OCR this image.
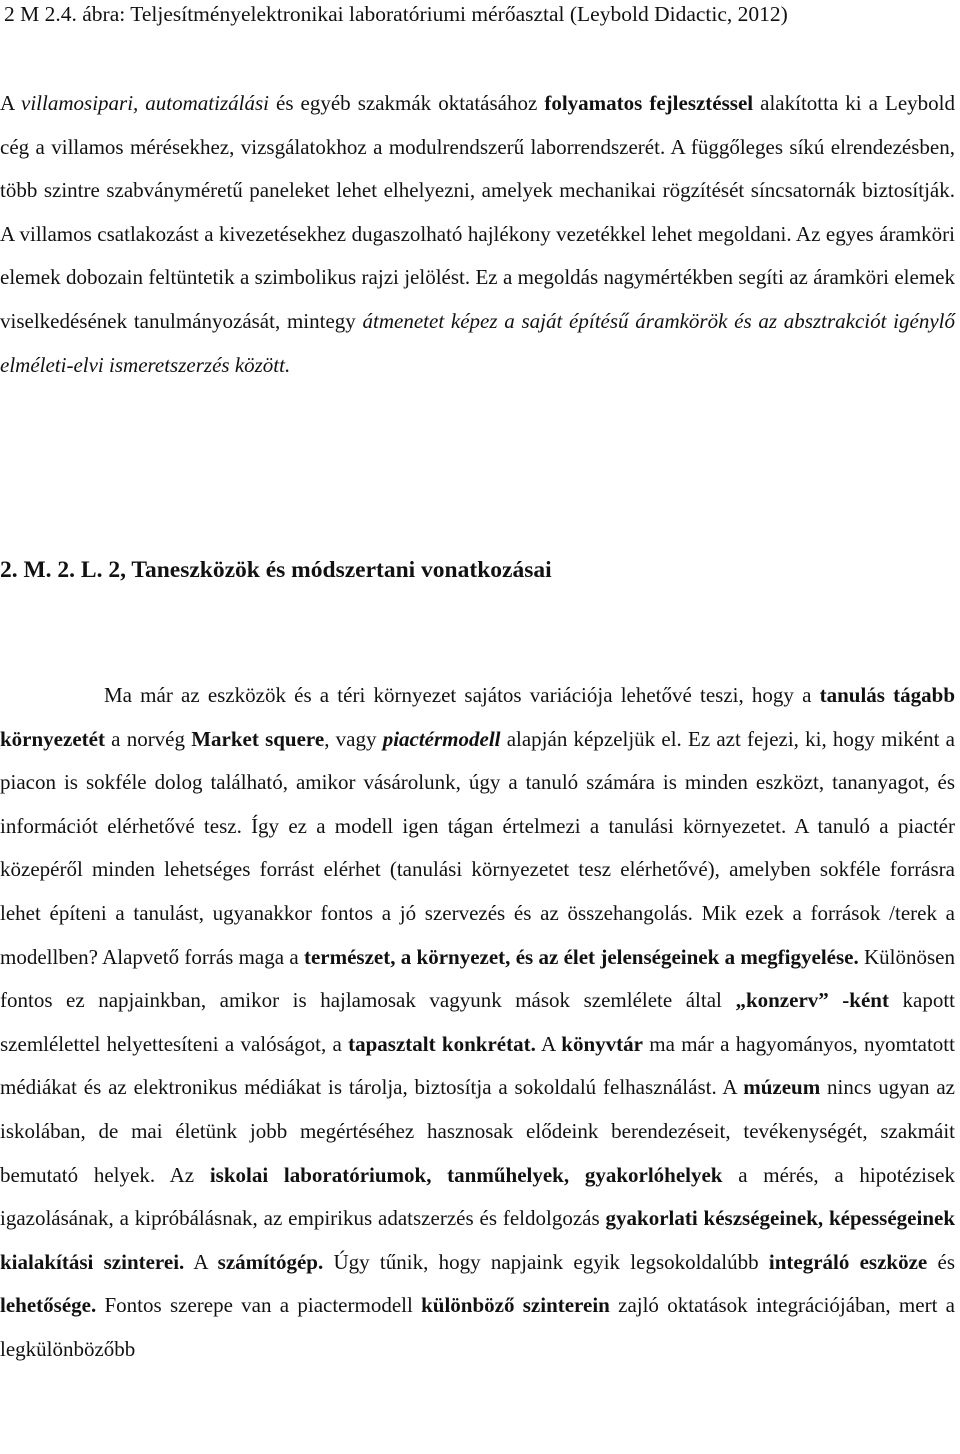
2 M 2.4. ábra: Teljesítményelektronikai laboratóriumi mérőasztal (Leybold Didactic, 2012)
A villamosipari, automatizálási és egyéb szakmák oktatásához folyamatos fejlesztéssel alakította ki a Leybold cég a villamos mérésekhez, vizsgálatokhoz a modulrendszerű laborrendszerét. A függőleges síkú elrendezésben, több szintre szabványméretű paneleket lehet elhelyezni, amelyek mechanikai rögzítését síncsatornák biztosítják. A villamos csatlakozást a kivezetésekhez dugaszolható hajlékony vezetékkel lehet megoldani. Az egyes áramköri elemek dobozain feltüntetik a szimbolikus rajzi jelölést. Ez a megoldás nagymértékben segíti az áramköri elemek viselkedésének tanulmányozását, mintegy átmenetet képez a saját építésű áramkörök és az absztrakciót igénylő elméleti-elvi ismeretszerzés között.
2. M. 2. L. 2, Taneszközök és módszertani vonatkozásai
Ma már az eszközök és a téri környezet sajátos variációja lehetővé teszi, hogy a tanulás tágabb környezetét a norvég Market squere, vagy piactérmodell alapján képzeljük el. Ez azt fejezi, ki, hogy miként a piacon is sokféle dolog található, amikor vásárolunk, úgy a tanuló számára is minden eszközt, tananyagot, és információt elérhetővé tesz. Így ez a modell igen tágan értelmezi a tanulási környezetet. A tanuló a piactér közepéről minden lehetséges forrást elérhet (tanulási környezetet tesz elérhetővé), amelyben sokféle forrásra lehet építeni a tanulást, ugyanakkor fontos a jó szervezés és az összehangolás. Mik ezek a források /terek a modellben? Alapvető forrás maga a természet, a környezet, és az élet jelenségeinek a megfigyelése. Különösen fontos ez napjainkban, amikor is hajlamosak vagyunk mások szemlélete által „konzerv” -ként kapott szemlélettel helyettesíteni a valóságot, a tapasztalt konkrétat. A könyvtár ma már a hagyományos, nyomtatott médiákat és az elektronikus médiákat is tárolja, biztosítja a sokoldalú felhasználást. A múzeum nincs ugyan az iskolában, de mai életünk jobb megértéséhez hasznosak elődeink berendezéseit, tevékenységét, szakmáit bemutató helyek. Az iskolai laboratóriumok, tanműhelyek, gyakorlóhelyek a mérés, a hipotézisek igazolásának, a kipróbálásnak, az empirikus adatszerzés és feldolgozás gyakorlati készségeinek, képességeinek kialakítási szinterei. A számítógép. Úgy tűnik, hogy napjaink egyik legsokoldalúbb integráló eszköze és lehetősége. Fontos szerepe van a piactermodell különböző szinterein zajló oktatások integrációjában, mert a legkülönbözőbb
